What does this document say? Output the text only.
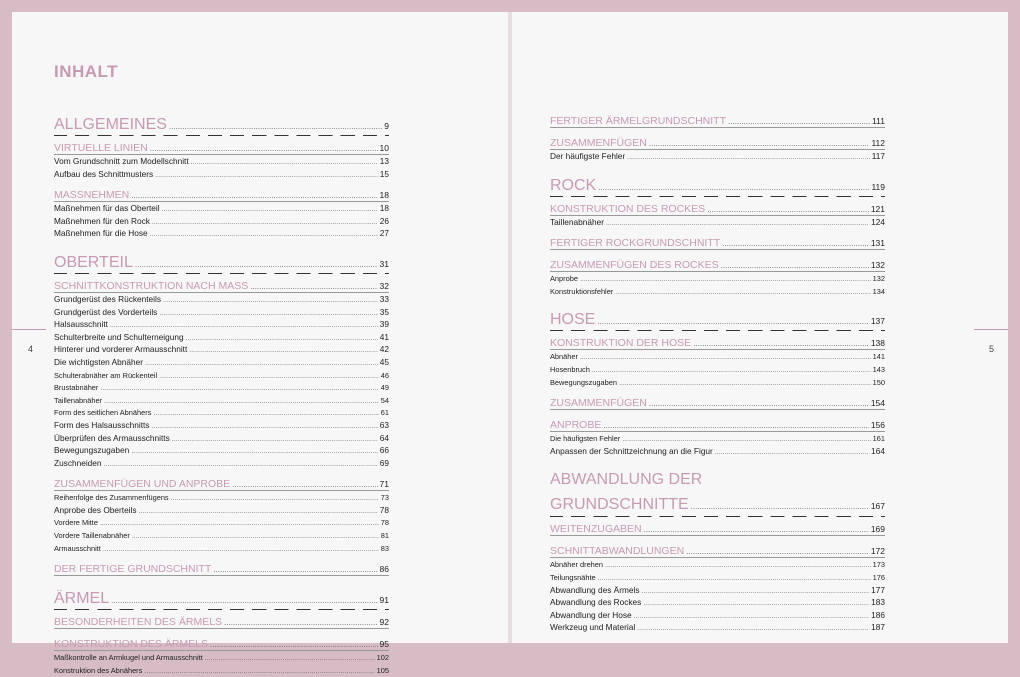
INHALT
4
ALLGEMEINES .....	9
VIRTUELLE LINIEN .....	10
Vom Grundschnitt zum Modellschnitt .....	13
Aufbau des Schnittmusters .....	15
MASSNEHMEN .....	18
Maßnehmen für das Oberteil .....	18
Maßnehmen für den Rock .....	26
Maßnehmen für die Hose .....	27
OBERTEIL .....	31
SCHNITTKONSTRUKTION NACH MASS .....	32
Grundgerüst des Rückenteils .....	33
Grundgerüst des Vorderteils .....	35
Halsausschnitt .....	39
Schulterbreite und Schulterneigung .....	41
Hinterer und vorderer Armausschnitt .....	42
Die wichtigsten Abnäher .....	45
Schulterabnäher am Rückenteil .....	46
Brustabnäher .....	49
Taillenabnäher .....	54
Form des seitlichen Abnähers .....	61
Form des Halsausschnitts .....	63
Überprüfen des Armausschnitts .....	64
Bewegungszugaben .....	66
Zuschneiden .....	69
ZUSAMMENFÜGEN UND ANPROBE .....	71
Reihenfolge des Zusammenfügens .....	73
Anprobe des Oberteils .....	78
Vordere Mitte .....	78
Vordere Taillenabnäher .....	81
Armausschnitt .....	83
DER FERTIGE GRUNDSCHNITT .....	86
ÄRMEL .....	91
BESONDERHEITEN DES ÄRMELS .....	92
KONSTRUKTION DES ÄRMELS .....	95
Maßkontrolle an Armkugel und Armausschnitt .....	102
Konstruktion des Abnähers .....	105
5
FERTIGER ÄRMELGRUNDSCHNITT .....	111
ZUSAMMENFÜGEN .....	112
Der häufigste Fehler .....	117
ROCK .....	119
KONSTRUKTION DES ROCKES .....	121
Taillenabnäher .....	124
FERTIGER ROCKGRUNDSCHNITT .....	131
ZUSAMMENFÜGEN DES ROCKES .....	132
Anprobe .....	132
Konstruktionsfehler .....	134
HOSE .....	137
KONSTRUKTION DER HOSE .....	138
Abnäher .....	141
Hosenbruch .....	143
Bewegungszugaben .....	150
ZUSAMMENFÜGEN .....	154
ANPROBE .....	156
Die häufigsten Fehler .....	161
Anpassen der Schnittzeichnung an die Figur .....	164
ABWANDLUNG DER
GRUNDSCHNITTE .....	167
WEITENZUGABEN .....	169
SCHNITTABWANDLUNGEN .....	172
Abnäher drehen .....	173
Teilungsnähte .....	176
Abwandlung des Ärmels .....	177
Abwandlung des Rockes .....	183
Abwandlung der Hose .....	186
Werkzeug und Material .....	187
